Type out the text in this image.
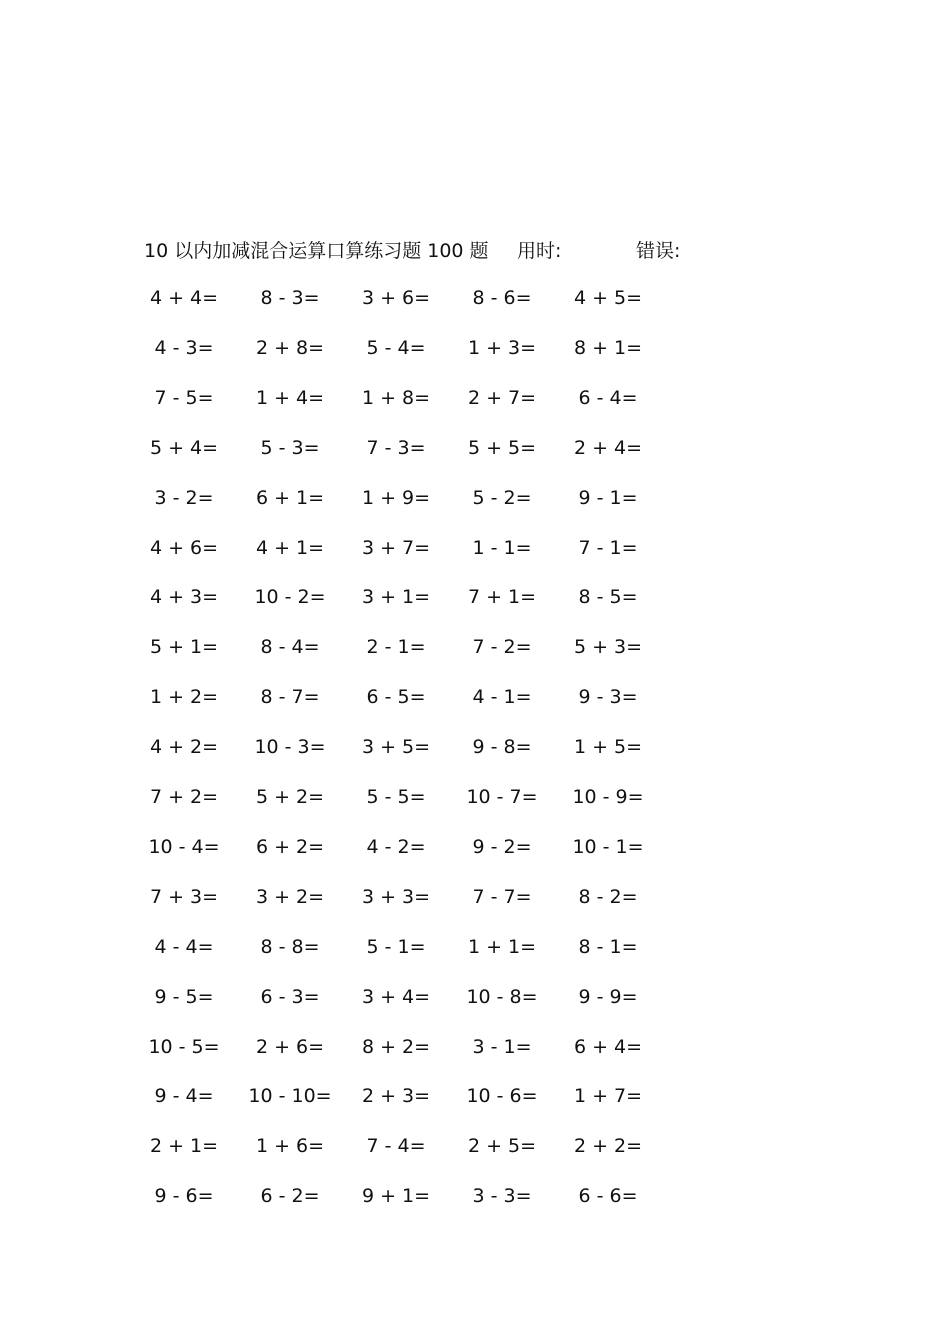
10 以内加减混合运算口算练习题 100 题 用时:	错误:
4 + 4=	8 - 3=	3 + 6=	8 - 6=	4 + 5=
4 - 3=	2 + 8=	5 - 4=	1 + 3=	8 + 1=
7 - 5=	1 + 4=	1 + 8=	2 + 7=	6 - 4=
5 + 4=	5 - 3=	7 - 3=	5 + 5=	2 + 4=
3 - 2=	6 + 1=	1 + 9=	5 - 2=	9 - 1=
4 + 6=	4 + 1=	3 + 7=	1 - 1=	7 - 1=
4 + 3=	10 - 2=	3 + 1=	7 + 1=	8 - 5=
5 + 1=	8 - 4=	2 - 1=	7 - 2=	5 + 3=
1 + 2=	8 - 7=	6 - 5=	4 - 1=	9 - 3=
4 + 2=	10 - 3=	3 + 5=	9 - 8=	1 + 5=
7 + 2=	5 + 2=	5 - 5=	10 - 7=	10 - 9=
10 - 4=	6 + 2=	4 - 2=	9 - 2=	10 - 1=
7 + 3=	3 + 2=	3 + 3=	7 - 7=	8 - 2=
4 - 4=	8 - 8=	5 - 1=	1 + 1=	8 - 1=
9 - 5=	6 - 3=	3 + 4=	10 - 8=	9 - 9=
10 - 5=	2 + 6=	8 + 2=	3 - 1=	6 + 4=
9 - 4=	10 - 10=	2 + 3=	10 - 6=	1 + 7=
2 + 1=	1 + 6=	7 - 4=	2 + 5=	2 + 2=
9 - 6=	6 - 2=	9 + 1=	3 - 3=	6 - 6=
